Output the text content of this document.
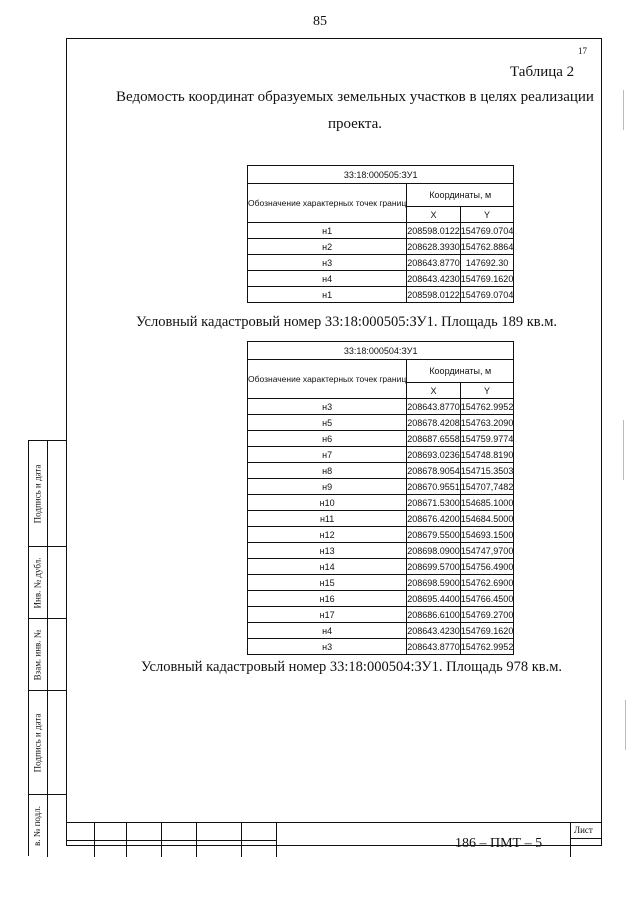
85
17
Таблица 2
Ведомость координат образуемых земельных участков в целях реализации проекта.
33:18:000505:ЗУ1		
Обозначение характерных точек границ	Координаты, м	
	X	Y
н1	208598.0122	154769.0704
н2	208628.3930	154762.8864
н3	208643.8770	147692.30
н4	208643.4230	154769.1620
н1	208598.0122	154769.0704
Условный кадастровый номер 33:18:000505:ЗУ1. Площадь 189 кв.м.
33:18:000504:ЗУ1		
Обозначение характерных точек границ	Координаты, м	
	X	Y
н3	208643.8770	154762.9952
н5	208678.4208	154763.2090
н6	208687.6558	154759.9774
н7	208693.0236	154748.8190
н8	208678.9054	154715.3503
н9	208670.9551	154707,7482
н10	208671.5300	154685.1000
н11	208676.4200	154684.5000
н12	208679.5500	154693.1500
н13	208698.0900	154747,9700
н14	208699.5700	154756.4900
н15	208698.5900	154762.6900
н16	208695.4400	154766.4500
н17	208686.6100	154769.2700
н4	208643.4230	154769.1620
н3	208643.8770	154762.9952
Условный кадастровый номер 33:18:000504:ЗУ1. Площадь 978 кв.м.
Подпись и дата
Инв. № дубл.
Взам. инв. №
Подпись и дата
в. № подл.	Лист
186 – ПМТ – 5
